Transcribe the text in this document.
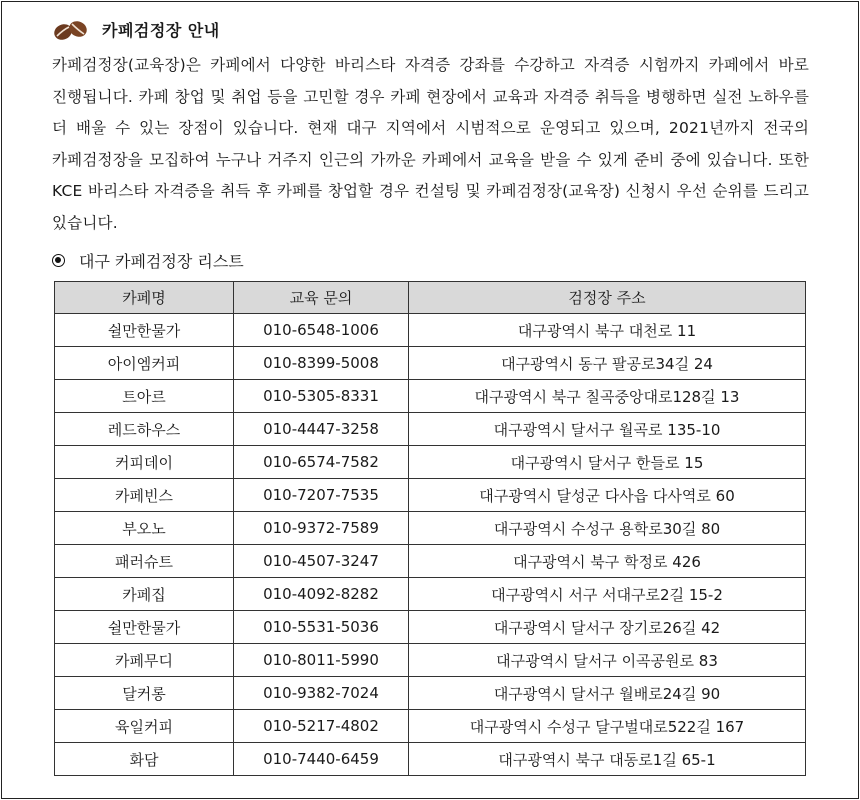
카페검정장 안내
카페검정장(교육장)은 카페에서 다양한 바리스타 자격증 강좌를 수강하고 자격증 시험까지 카페에서 바로 진행됩니다. 카페 창업 및 취업 등을 고민할 경우 카페 현장에서 교육과 자격증 취득을 병행하면 실전 노하우를 더 배울 수 있는 장점이 있습니다. 현재 대구 지역에서 시범적으로 운영되고 있으며, 2021년까지 전국의 카페검정장을 모집하여 누구나 거주지 인근의 가까운 카페에서 교육을 받을 수 있게 준비 중에 있습니다. 또한 KCE 바리스타 자격증을 취득 후 카페를 창업할 경우 컨설팅 및 카페검정장(교육장) 신청시 우선 순위를 드리고 있습니다.
대구 카페검정장 리스트
카페명	교육 문의	검정장 주소
쉴만한물가	010-6548-1006	대구광역시 북구 대천로 11
아이엠커피	010-8399-5008	대구광역시 동구 팔공로34길 24
트아르	010-5305-8331	대구광역시 북구 칠곡중앙대로128길 13
레드하우스	010-4447-3258	대구광역시 달서구 월곡로 135-10
커피데이	010-6574-7582	대구광역시 달서구 한들로 15
카페빈스	010-7207-7535	대구광역시 달성군 다사읍 다사역로 60
부오노	010-9372-7589	대구광역시 수성구 용학로30길 80
패러슈트	010-4507-3247	대구광역시 북구 학정로 426
카페집	010-4092-8282	대구광역시 서구 서대구로2길 15-2
쉴만한물가	010-5531-5036	대구광역시 달서구 장기로26길 42
카페무디	010-8011-5990	대구광역시 달서구 이곡공원로 83
달커롱	010-9382-7024	대구광역시 달서구 월배로24길 90
육일커피	010-5217-4802	대구광역시 수성구 달구벌대로522길 167
화담	010-7440-6459	대구광역시 북구 대동로1길 65-1
